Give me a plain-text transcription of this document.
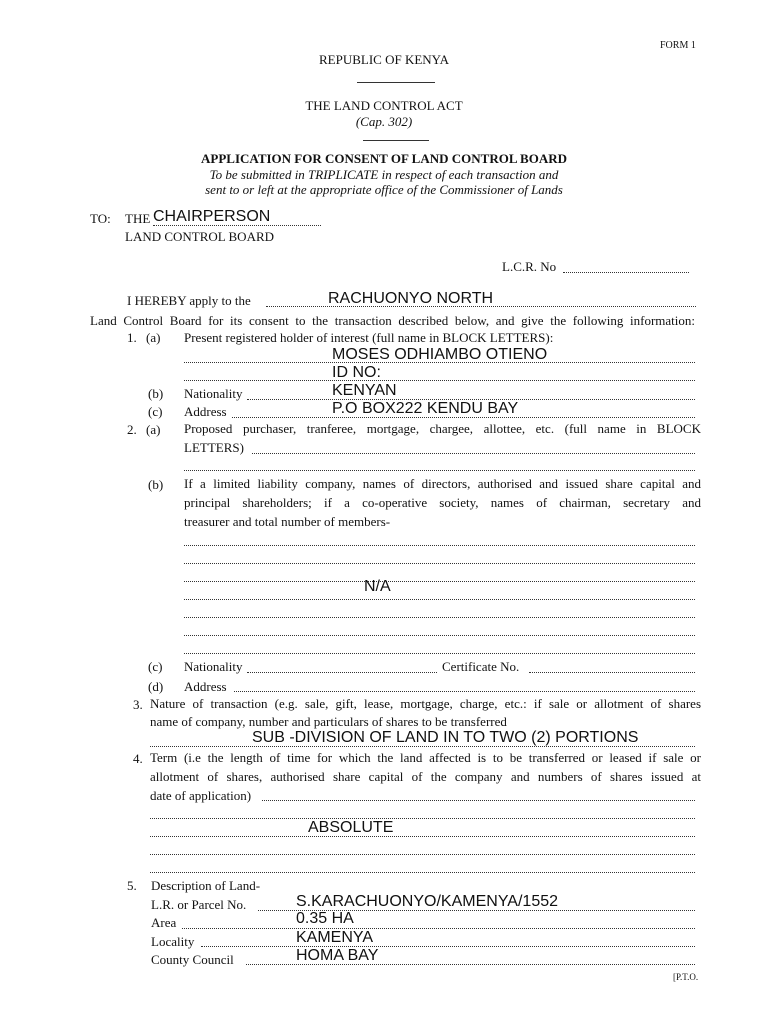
FORM 1
REPUBLIC OF KENYA
THE LAND CONTROL ACT
(Cap. 302)
APPLICATION FOR CONSENT OF LAND CONTROL BOARD
To be submitted in TRIPLICATE in respect of each transaction and
sent to or left at the appropriate office of the Commissioner of Lands
TO: THE CHAIRPERSON
LAND CONTROL BOARD
L.C.R. No
I HEREBY apply to the	RACHUONYO NORTH
Land Control Board for its consent to the transaction described below, and give the following information:
1. (a) Present registered holder of interest (full name in BLOCK LETTERS):
MOSES ODHIAMBO OTIENO
ID NO:
(b) Nationality	KENYAN
(c) Address	P.O BOX222 KENDU BAY
2. (a) Proposed purchaser, tranferee, mortgage, chargee, allottee, etc. (full name in BLOCK
LETTERS)
(b) If a limited liability company, names of directors, authorised and issued share capital and
principal shareholders; if a co-operative society, names of chairman, secretary and
treasurer and total number of members-
N/A
(c) Nationality	Certificate No.
(d) Address
3. Nature of transaction (e.g. sale, gift, lease, mortgage, charge, etc.: if sale or allotment of shares
name of company, number and particulars of shares to be transferred
SUB -DIVISION OF LAND IN TO TWO (2) PORTIONS
4. Term (i.e the length of time for which the land affected is to be transferred or leased if sale or
allotment of shares, authorised share capital of the company and numbers of shares issued at
date of application)
ABSOLUTE
5. Description of Land-
L.R. or Parcel No.	S.KARACHUONYO/KAMENYA/1552
Area	0.35 HA
Locality	KAMENYA
County Council	HOMA BAY
[P.T.O.
